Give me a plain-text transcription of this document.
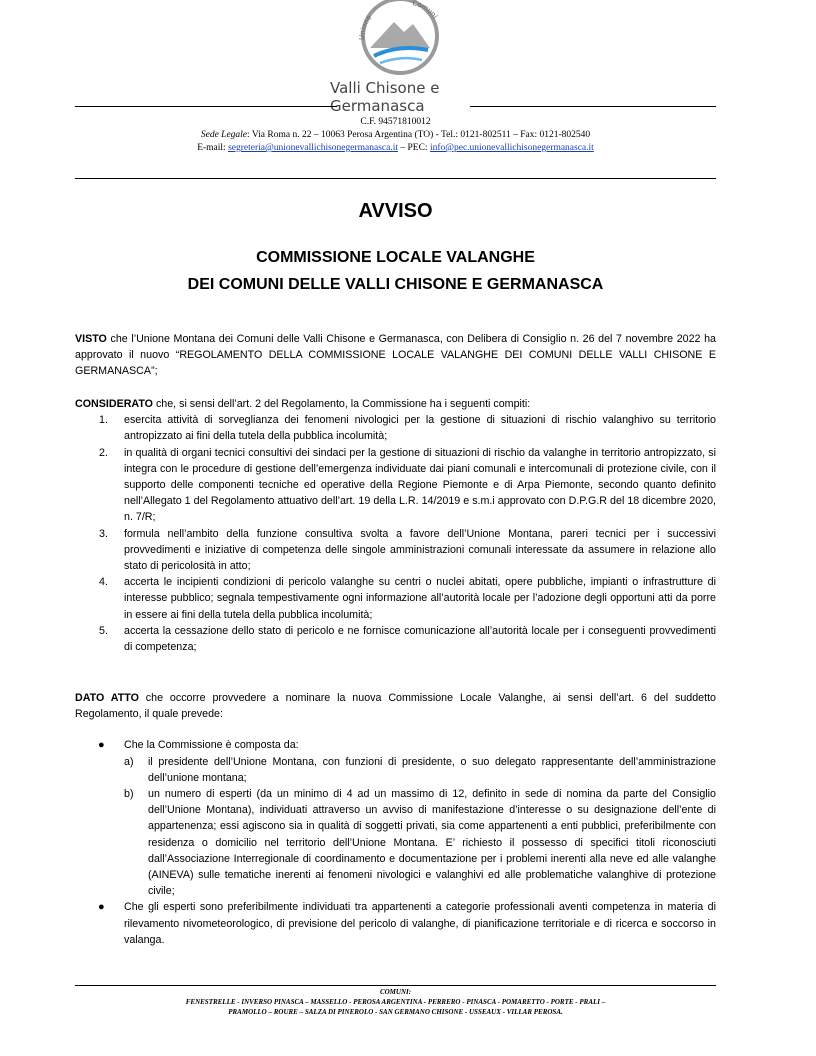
Unione
Comuni
Valli Chisone e Germanasca
C.F. 94571810012
Sede Legale: Via Roma n. 22 – 10063 Perosa Argentina (TO) - Tel.: 0121-802511 – Fax: 0121-802540
E-mail: segreteria@unionevallichisonegermanasca.it – PEC: info@pec.unionevallichisonegermanasca.it
AVVISO
COMMISSIONE LOCALE VALANGHE
DEI COMUNI DELLE VALLI CHISONE E GERMANASCA
VISTO che l’Unione Montana dei Comuni delle Valli Chisone e Germanasca, con Delibera di Consiglio n. 26 del 7 novembre 2022 ha approvato il nuovo “REGOLAMENTO DELLA COMMISSIONE LOCALE VALANGHE DEI COMUNI DELLE VALLI CHISONE E GERMANASCA”;
CONSIDERATO che, si sensi dell’art. 2 del Regolamento, la Commissione ha i seguenti compiti:
1. esercita attività di sorveglianza dei fenomeni nivologici per la gestione di situazioni di rischio valanghivo su territorio antropizzato ai fini della tutela della pubblica incolumità;
2. in qualità di organi tecnici consultivi dei sindaci per la gestione di situazioni di rischio da valanghe in territorio antropizzato, si integra con le procedure di gestione dell’emergenza individuate dai piani comunali e intercomunali di protezione civile, con il supporto delle componenti tecniche ed operative della Regione Piemonte e di Arpa Piemonte, secondo quanto definito nell’Allegato 1 del Regolamento attuativo dell’art. 19 della L.R. 14/2019 e s.m.i approvato con D.P.G.R del 18 dicembre 2020, n. 7/R;
3. formula nell’ambito della funzione consultiva svolta a favore dell’Unione Montana, pareri tecnici per i successivi provvedimenti e iniziative di competenza delle singole amministrazioni comunali interessate da assumere in relazione allo stato di pericolosità in atto;
4. accerta le incipienti condizioni di pericolo valanghe su centri o nuclei abitati, opere pubbliche, impianti o infrastrutture di interesse pubblico; segnala tempestivamente ogni informazione all’autorità locale per l’adozione degli opportuni atti da porre in essere ai fini della tutela della pubblica incolumità;
5. accerta la cessazione dello stato di pericolo e ne fornisce comunicazione all’autorità locale per i conseguenti provvedimenti di competenza;
DATO ATTO che occorre provvedere a nominare la nuova Commissione Locale Valanghe, ai sensi dell’art. 6 del suddetto Regolamento, il quale prevede:
● Che la Commissione è composta da:
a) il presidente dell’Unione Montana, con funzioni di presidente, o suo delegato rappresentante dell’amministrazione dell’unione montana;
b) un numero di esperti (da un minimo di 4 ad un massimo di 12, definito in sede di nomina da parte del Consiglio dell’Unione Montana), individuati attraverso un avviso di manifestazione d’interesse o su designazione dell’ente di appartenenza; essi agiscono sia in qualità di soggetti privati, sia come appartenenti a enti pubblici, preferibilmente con residenza o domicilio nel territorio dell’Unione Montana. E’ richiesto il possesso di specifici titoli riconosciuti dall’Associazione Interregionale di coordinamento e documentazione per i problemi inerenti alla neve ed alle valanghe (AINEVA) sulle tematiche inerenti ai fenomeni nivologici e valanghivi ed alle problematiche valanghive di protezione civile;
● Che gli esperti sono preferibilmente individuati tra appartenenti a categorie professionali aventi competenza in materia di rilevamento nivometeorologico, di previsione del pericolo di valanghe, di pianificazione territoriale e di ricerca e soccorso in valanga.
COMUNI:
FENESTRELLE - INVERSO PINASCA – MASSELLO - PEROSA ARGENTINA - PERRERO - PINASCA - POMARETTO - PORTE - PRALI –
PRAMOLLO – ROURE – SALZA DI PINEROLO - SAN GERMANO CHISONE - USSEAUX - VILLAR PEROSA.
